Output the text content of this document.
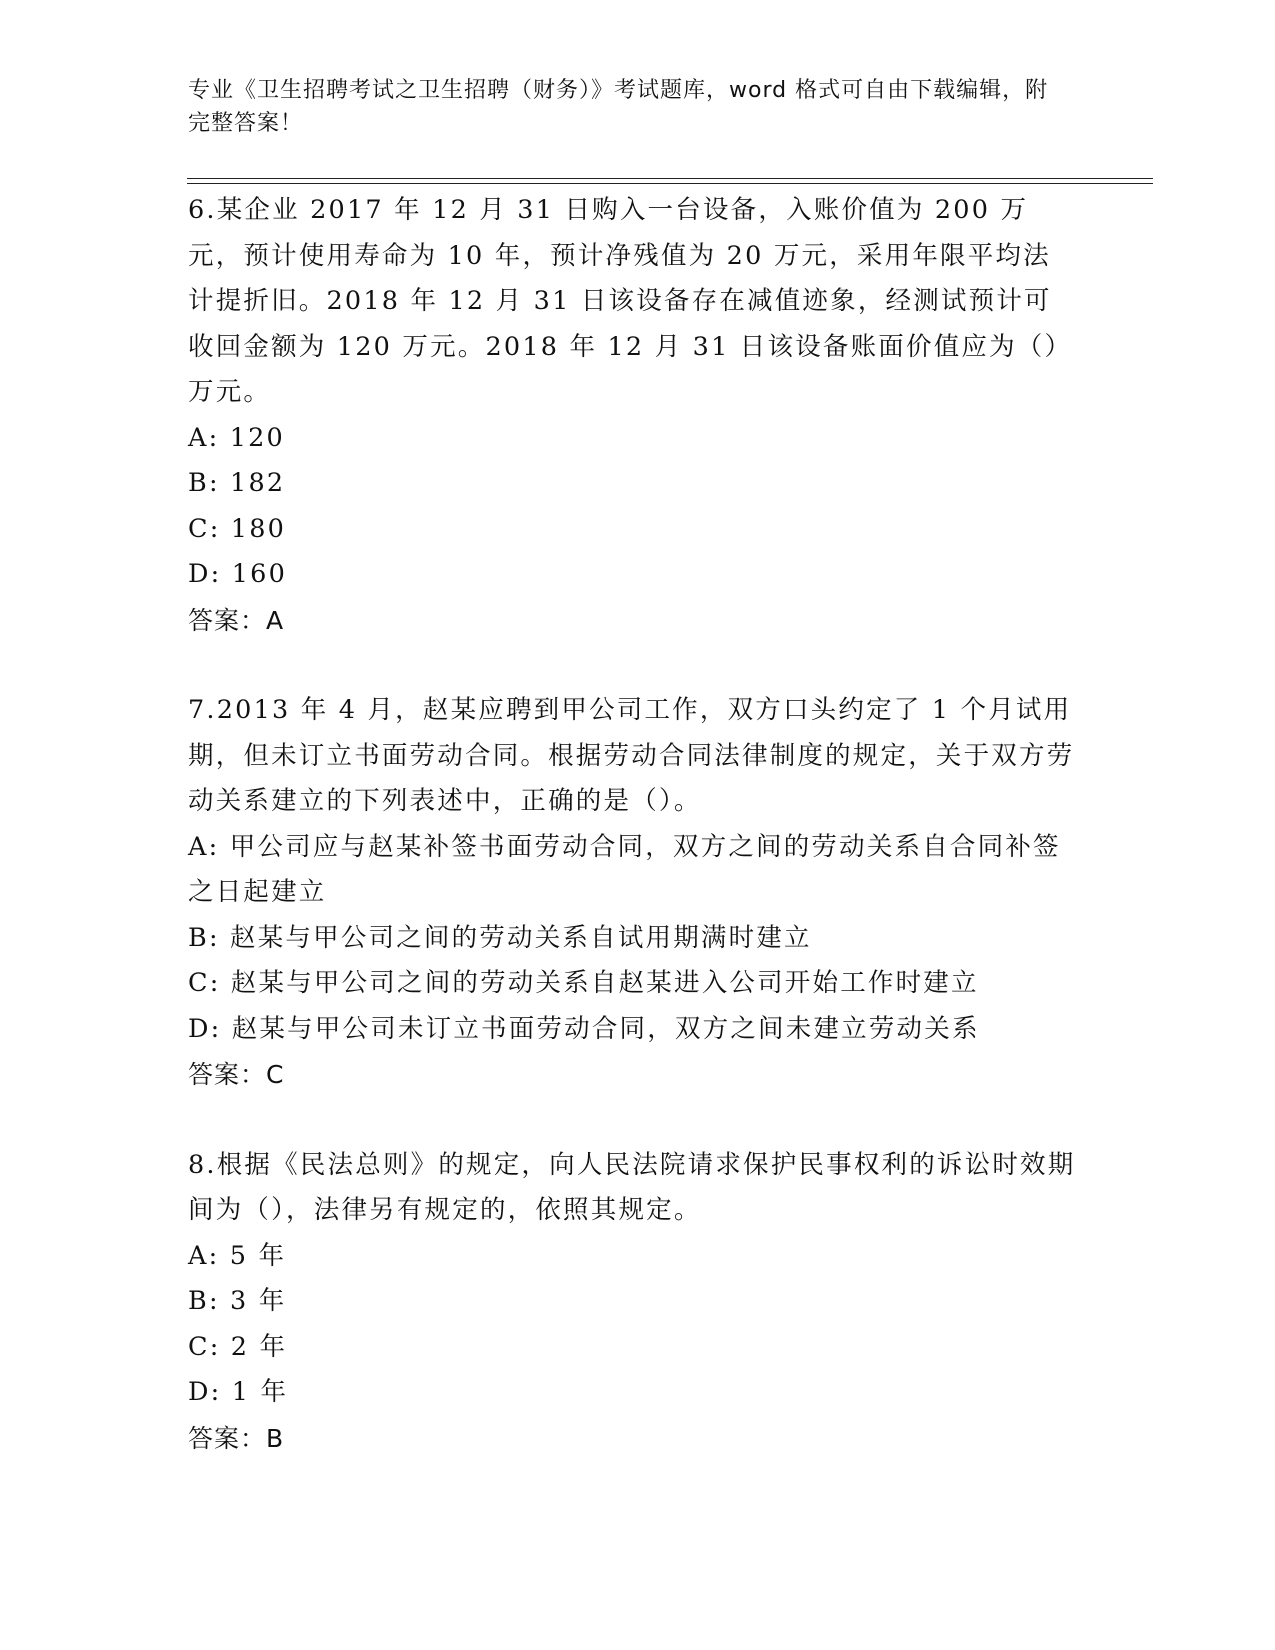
专业《卫生招聘考试之卫生招聘（财务）》考试题库，word 格式可自由下载编辑，附完整答案！

6.某企业 2017 年 12 月 31 日购入一台设备，入账价值为 200 万元，预计使用寿命为 10 年，预计净残值为 20 万元，采用年限平均法计提折旧。2018 年 12 月 31 日该设备存在减值迹象，经测试预计可收回金额为 120 万元。2018 年 12 月 31 日该设备账面价值应为（）万元。

A: 120

B: 182

C: 180

D: 160

答案：A

7.2013 年 4 月，赵某应聘到甲公司工作，双方口头约定了 1 个月试用期，但未订立书面劳动合同。根据劳动合同法律制度的规定，关于双方劳动关系建立的下列表述中，正确的是（）。

A: 甲公司应与赵某补签书面劳动合同，双方之间的劳动关系自合同补签之日起建立

B: 赵某与甲公司之间的劳动关系自试用期满时建立

C: 赵某与甲公司之间的劳动关系自赵某进入公司开始工作时建立

D: 赵某与甲公司未订立书面劳动合同，双方之间未建立劳动关系

答案：C

8.根据《民法总则》的规定，向人民法院请求保护民事权利的诉讼时效期间为（），法律另有规定的，依照其规定。

A: 5 年

B: 3 年

C: 2 年

D: 1 年

答案：B
